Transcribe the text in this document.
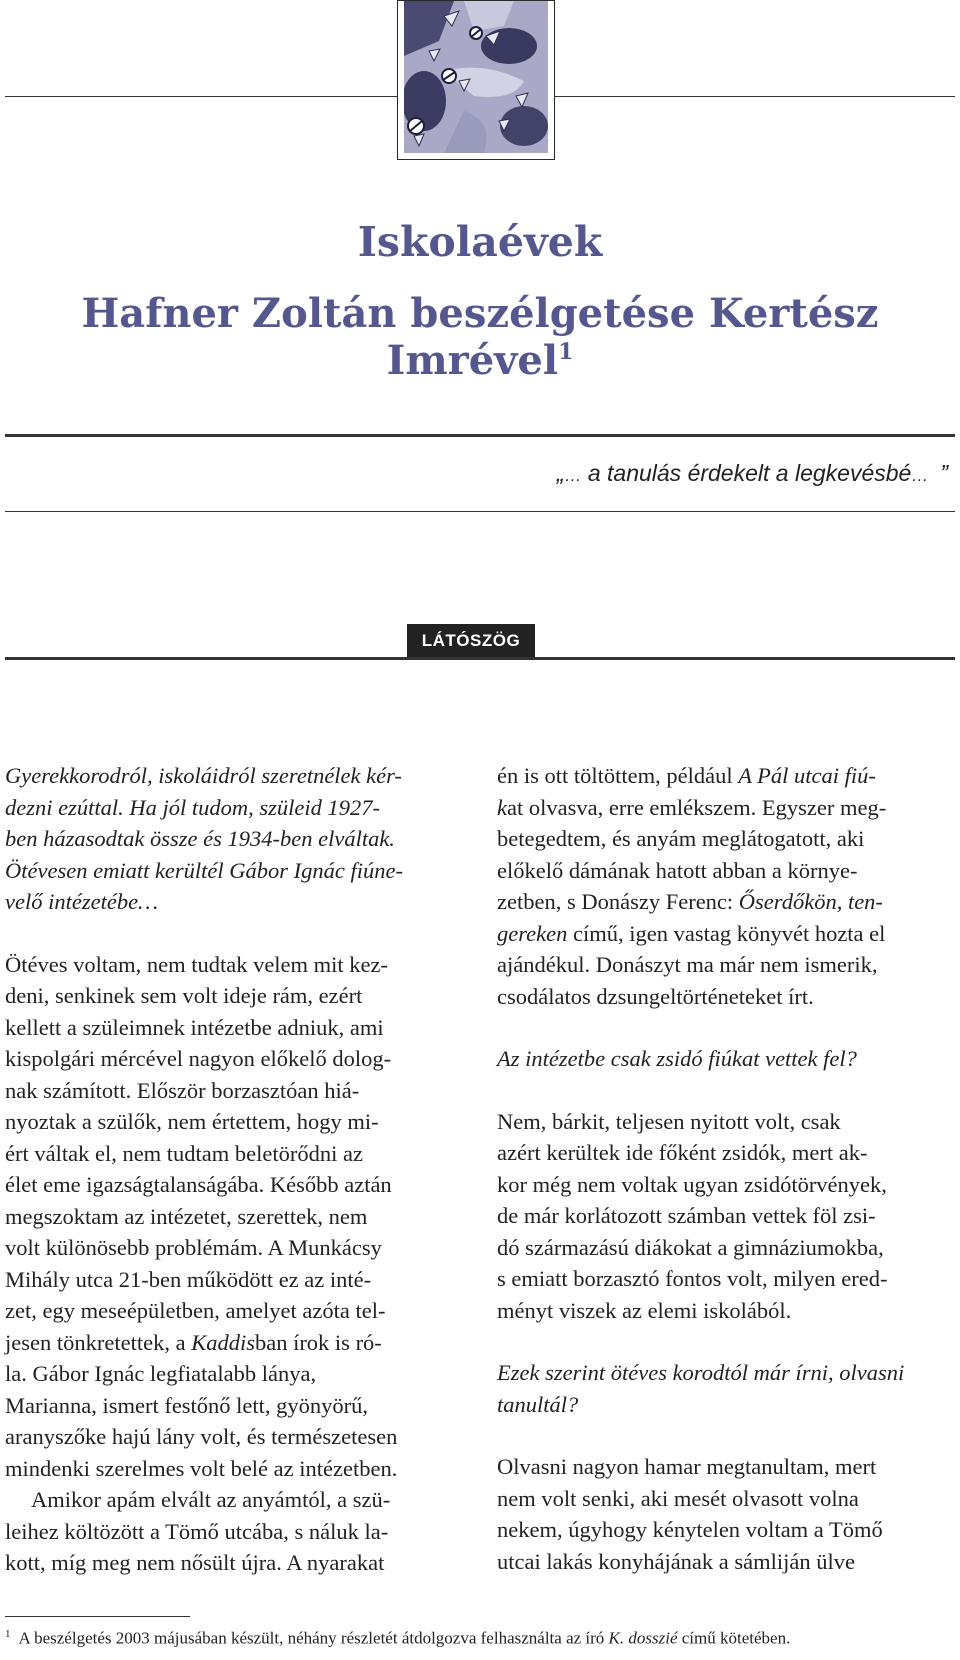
Iskolaévek
Hafner Zoltán beszélgetése Kertész Imrével$^1$
„… a tanulás érdekelt a legkevésbé… ”
LÁTÓSZÖG

Gyerekkorodról, iskoláidról szeretnélek kér-
dezni ezúttal. Ha jól tudom, szüleid 1927-
ben házasodtak össze és 1934-ben elváltak.
Ötévesen emiatt kerültél Gábor Ignác fiúne-
velő intézetébe…

Ötéves voltam, nem tudtak velem mit kez-
deni, senkinek sem volt ideje rám, ezért
kellett a szüleimnek intézetbe adniuk, ami
kispolgári mércével nagyon előkelő dolog-
nak számított. Először borzasztóan hiá-
nyoztak a szülők, nem értettem, hogy mi-
ért váltak el, nem tudtam beletörődni az
élet eme igazságtalanságába. Később aztán
megszoktam az intézetet, szerettek, nem
volt különösebb problémám. A Munkácsy
Mihály utca 21-ben működött ez az inté-
zet, egy meseépületben, amelyet azóta tel-
jesen tönkretettek, a Kaddisban írok is ró-
la. Gábor Ignác legfiatalabb lánya,
Marianna, ismert festőnő lett, gyönyörű,
aranyszőke hajú lány volt, és természetesen
mindenki szerelmes volt belé az intézetben.

Amikor apám elvált az anyámtól, a szü-
leihez költözött a Tömő utcába, s náluk la-
kott, míg meg nem nősült újra. A nyarakat

én is ott töltöttem, például A Pál utcai fiú-
kat olvasva, erre emlékszem. Egyszer meg-
betegedtem, és anyám meglátogatott, aki
előkelő dámának hatott abban a környe-
zetben, s Donászy Ferenc: Őserdőkön, ten-
gereken című, igen vastag könyvét hozta el
ajándékul. Donászyt ma már nem ismerik,
csodálatos dzsungeltörténeteket írt.

Az intézetbe csak zsidó fiúkat vettek fel?

Nem, bárkit, teljesen nyitott volt, csak
azért kerültek ide főként zsidók, mert ak-
kor még nem voltak ugyan zsidótörvények,
de már korlátozott számban vettek föl zsi-
dó származású diákokat a gimnáziumokba,
s emiatt borzasztó fontos volt, milyen ered-
ményt viszek az elemi iskolából.

Ezek szerint ötéves korodtól már írni, olvasni
tanultál?

Olvasni nagyon hamar megtanultam, mert
nem volt senki, aki mesét olvasott volna
nekem, úgyhogy kénytelen voltam a Tömő
utcai lakás konyhájának a sámliján ülve

$^1$ A beszélgetés 2003 májusában készült, néhány részletét átdolgozva felhasználta az író K. dosszié című kötetében.
